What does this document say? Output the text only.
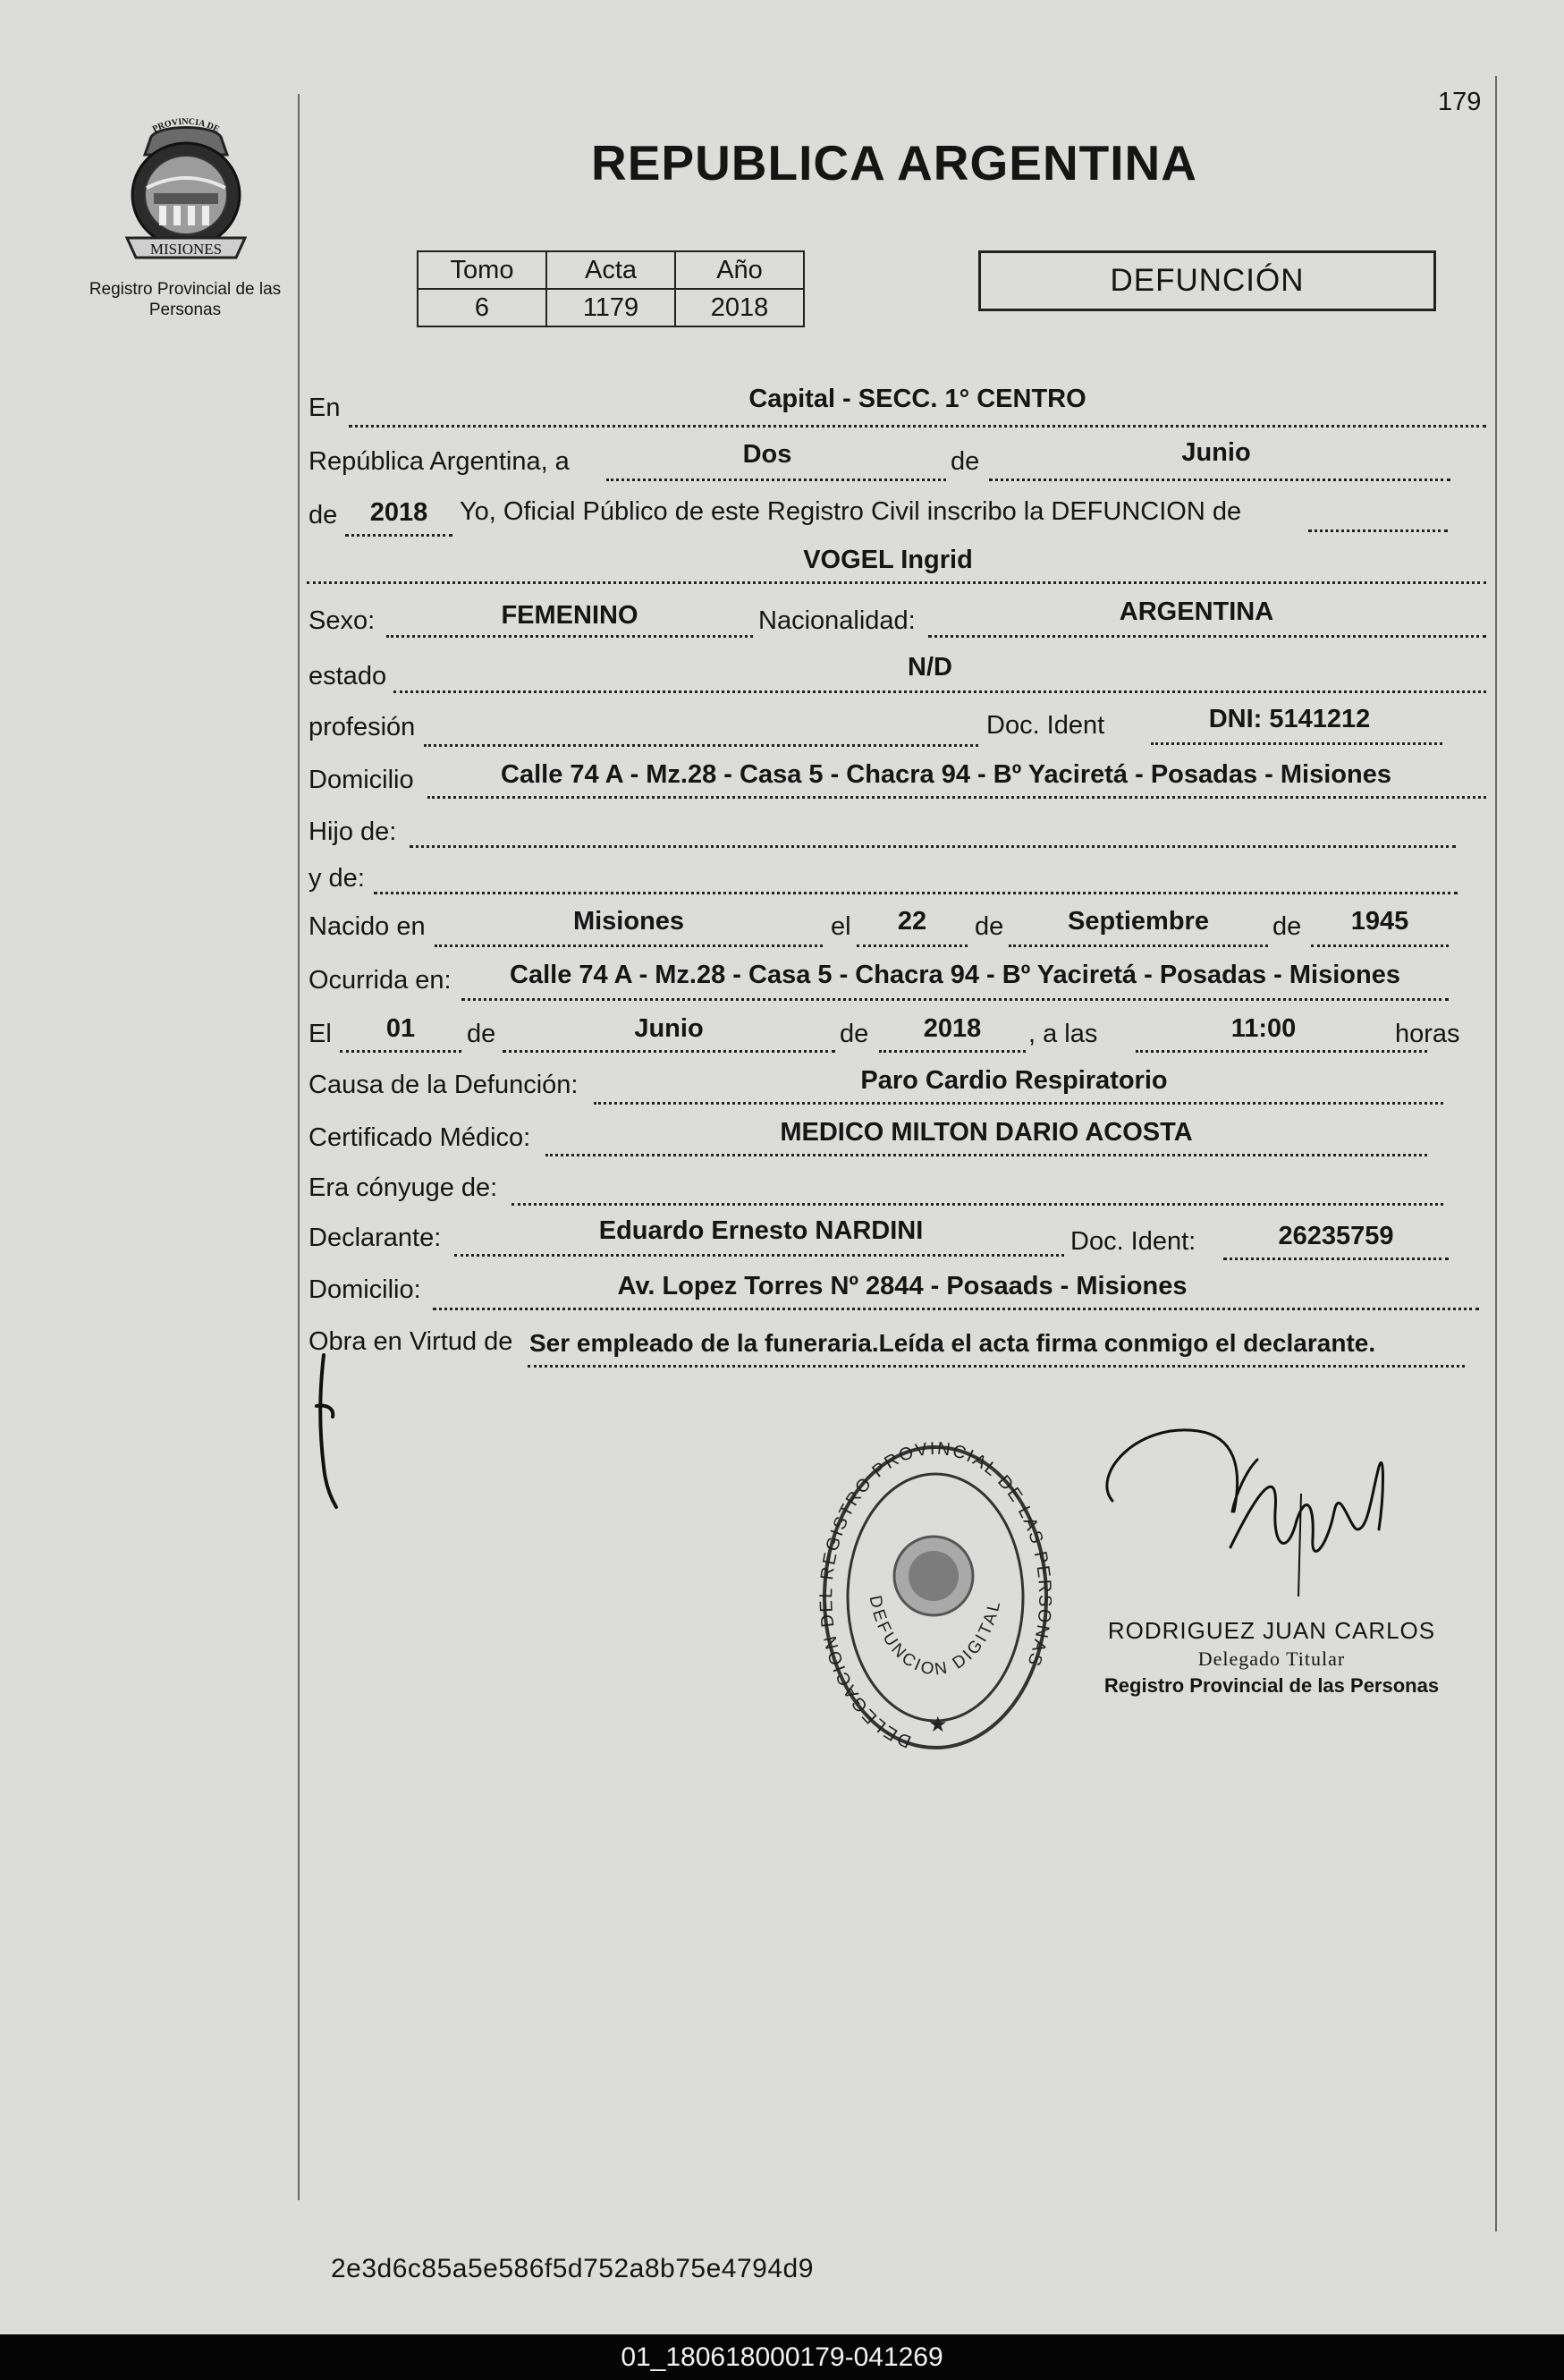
179
MISIONES
PROVINCIA DE
Registro Provincial de las Personas
REPUBLICA ARGENTINA
Tomo	Acta	Año
6	1179	2018
DEFUNCIÓN
En	Capital - SECC. 1° CENTRO
República Argentina, a	Dos	de	Junio
de	2018	Yo, Oficial Público de este Registro Civil inscribo la DEFUNCION de
VOGEL Ingrid
Sexo:	FEMENINO	Nacionalidad:	ARGENTINA
estado	N/D
profesión	Doc. Ident	DNI: 5141212
Domicilio	Calle 74 A - Mz.28 - Casa 5 - Chacra 94 - Bº Yaciretá - Posadas - Misiones
Hijo de:
y de:
Nacido en	Misiones	el	22	de	Septiembre	de	1945
Ocurrida en:	Calle 74 A - Mz.28 - Casa 5 - Chacra 94 - Bº Yaciretá - Posadas - Misiones
El	01	de	Junio	de	2018	, a las	11:00	horas
Causa de la Defunción:	Paro Cardio Respiratorio
Certificado Médico:	MEDICO MILTON DARIO ACOSTA
Era cónyuge de:
Declarante:	Eduardo Ernesto NARDINI	Doc. Ident:	26235759
Domicilio:	Av. Lopez Torres Nº 2844 - Posaads - Misiones
Obra en Virtud de Ser empleado de la funeraria.Leída el acta firma conmigo el declarante.
DELEGACION D REGISTRO PROVINCIAL DE LAS P NAS
DEFUNCION DIGITAL
★
RODRIGUEZ JUAN CARLOS
Delegado Titular
Registro Provincial de las Personas
2e3d6c85a5e586f5d752a8b75e4794d9
01_180618000179-041269
